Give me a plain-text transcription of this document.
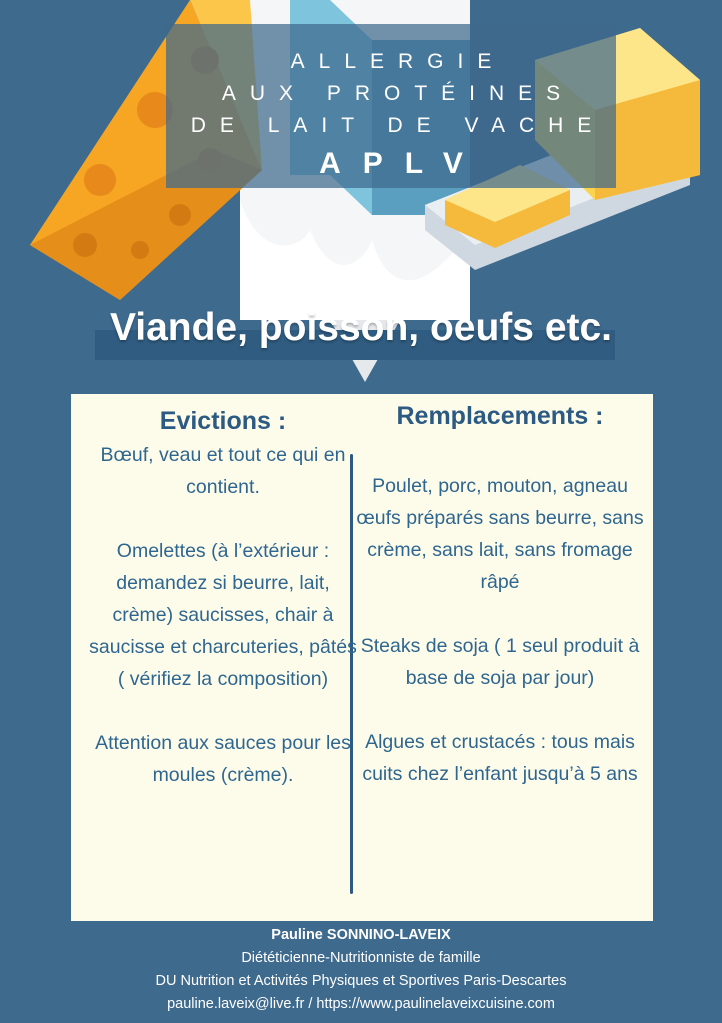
ALLERGIE
AUX PROTÉINES
DE LAIT DE VACHE
APLV
Viande, poisson, oeufs etc.
Evictions :

Bœuf, veau et tout ce qui en contient.

Omelettes (à l’extérieur : demandez si beurre, lait, crème) saucisses, chair à saucisse et charcuteries, pâtés ( vérifiez la composition)

Attention aux sauces pour les moules (crème).

Remplacements :

Poulet, porc, mouton, agneau œufs préparés sans beurre, sans crème, sans lait, sans fromage râpé

Steaks de soja ( 1 seul produit à base de soja par jour)

Algues et crustacés : tous mais cuits chez l’enfant jusqu’à 5 ans

Pauline SONNINO-LAVEIX
Diététicienne-Nutritionniste de famille
DU Nutrition et Activités Physiques et Sportives Paris-Descartes
pauline.laveix@live.fr / https://www.paulinelaveixcuisine.com
